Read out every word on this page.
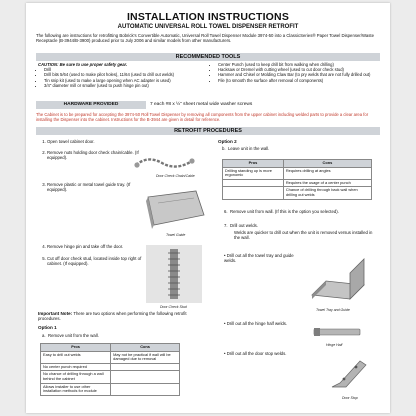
INSTALLATION INSTRUCTIONS
AUTOMATIC UNIVERSAL ROLL TOWEL DISPENSER RETROFIT
The following are instructions for retrofitting Bobrick's Convertible Automatic, Universal Roll Towel Dispenser Module 3974-50 into a ClassicSeries® Paper Towel Dispenser/Waste Receptacle (B-3944/B-3900) produced prior to July 2006 and similar models from other manufacturers.
RECOMMENDED TOOLS
CAUTION: Be sure to use proper safety gear.
• Drill
• Drill bits 5/64 (used to make pilot holes), 11/64 (used to drill out welds)
• Tin snip kit (used to make a large opening when AC adapter is used)
• 3/4" diameter mill or smaller (used to push hinge pin out)
• Center Punch (used to keep drill bit from walking when drilling)
• Hacksaw or Dremel with cutting wheel (used to cut door check stud)
• Hammer and Chisel or Molding Claw Bar (to pry welds that are not fully drilled out)
• File (to smooth the surface after removal of components)
HARDWARE PROVIDED	7 each #8 x ½" sheet metal wide washer screws
The Cabinet is to be prepared for accepting the 3974-50 Roll Towel Dispenser by removing all components from the upper cabinet including welded parts to provide a clear area for installing the Dispenser into the cabinet. Instructions for the B-3944 are given in detail for reference.
RETROFIT PROCEDURES
1. Open towel cabinet door.
2. Remove nuts holding door check chain/cable. (If equipped).
3. Remove plastic or metal towel guide tray. (If equipped).
4. Remove hinge pin and take off the door.
5. Cut off door check stud, located inside top right of cabinet. (If equipped).
Door Check Chain/Cable
Towel Guide
Door Check Stud
Important Note: There are two options when performing the following retrofit procedures.
Option 1
a.  Remove unit from the wall.
Pros	Cons
Easy to drill out welds	May not be practical if wall will be damaged due to removal
No center punch required	
No chance of drilling through a wall behind the cabinet	
Allows installer to use other installation methods for module	
Option 2
b.  Leave unit in the wall.
Pros	Cons
Drilling standing up is more ergonomic	Requires drilling at angles
	Requires the usage of a center punch
	Chance of drilling through back wall when drilling out welds
6.  Remove unit from wall. (If this is the option you selected).
7.  Drill out welds.
Welds are quicker to drill out when the unit is removed versus installed in the wall.
• Drill out all the towel tray and guide welds.
Towel Tray and Guide
• Drill out all the hinge half welds.
Hinge Half
• Drill out all the door stop welds.
Door Stop
